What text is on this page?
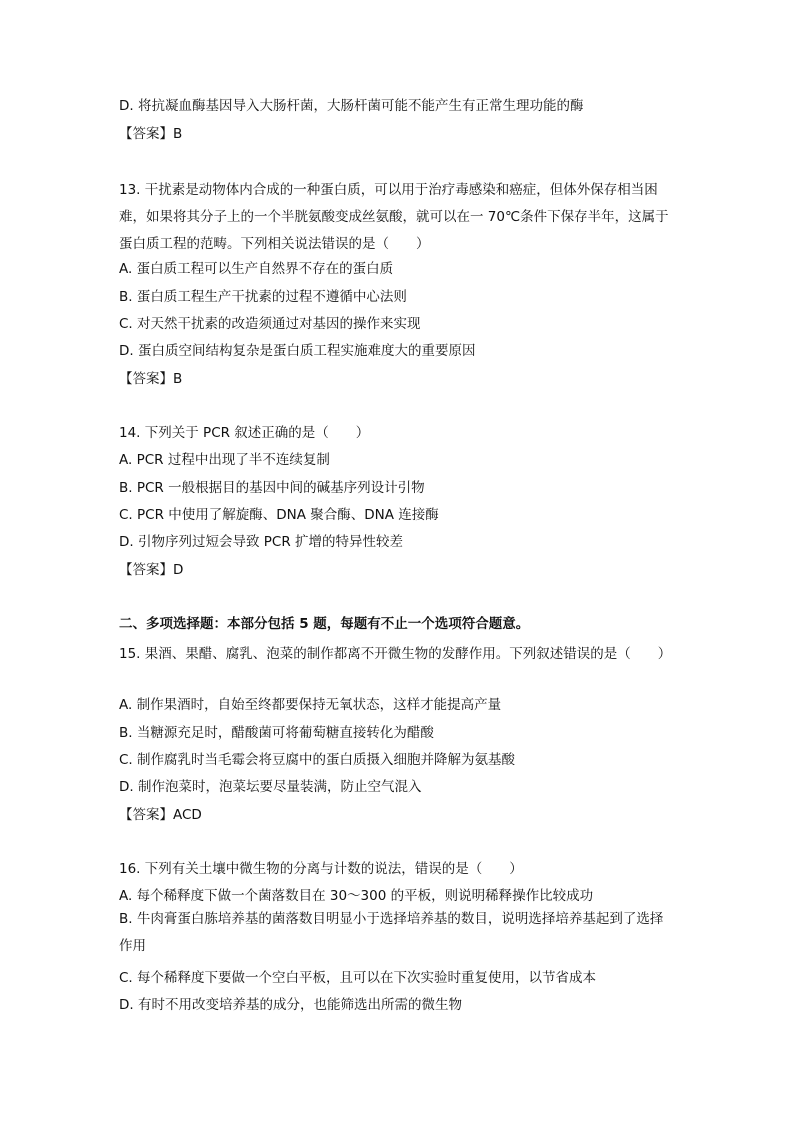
D. 将抗凝血酶基因导入大肠杆菌，大肠杆菌可能不能产生有正常生理功能的酶
【答案】B
13. 干扰素是动物体内合成的一种蛋白质，可以用于治疗毒感染和癌症，但体外保存相当困难，如果将其分子上的一个半胱氨酸变成丝氨酸，就可以在一 70℃条件下保存半年，这属于蛋白质工程的范畴。下列相关说法错误的是（　　）
A. 蛋白质工程可以生产自然界不存在的蛋白质
B. 蛋白质工程生产干扰素的过程不遵循中心法则
C. 对天然干扰素的改造须通过对基因的操作来实现
D. 蛋白质空间结构复杂是蛋白质工程实施难度大的重要原因
【答案】B
14. 下列关于 PCR 叙述正确的是（　　）
A. PCR 过程中出现了半不连续复制
B. PCR 一般根据目的基因中间的碱基序列设计引物
C. PCR 中使用了解旋酶、DNA 聚合酶、DNA 连接酶
D. 引物序列过短会导致 PCR 扩增的特异性较差
【答案】D
二、多项选择题：本部分包括 5 题，每题有不止一个选项符合题意。
15. 果酒、果醋、腐乳、泡菜的制作都离不开微生物的发酵作用。下列叙述错误的是（　　）
A. 制作果酒时，自始至终都要保持无氧状态，这样才能提高产量
B. 当糖源充足时，醋酸菌可将葡萄糖直接转化为醋酸
C. 制作腐乳时当毛霉会将豆腐中的蛋白质摄入细胞并降解为氨基酸
D. 制作泡菜时，泡菜坛要尽量装满，防止空气混入
【答案】ACD
16. 下列有关土壤中微生物的分离与计数的说法，错误的是（　　）
A. 每个稀释度下做一个菌落数目在 30～300 的平板，则说明稀释操作比较成功
B. 牛肉膏蛋白胨培养基的菌落数目明显小于选择培养基的数目，说明选择培养基起到了选择作用
C. 每个稀释度下要做一个空白平板，且可以在下次实验时重复使用，以节省成本
D. 有时不用改变培养基的成分，也能筛选出所需的微生物
